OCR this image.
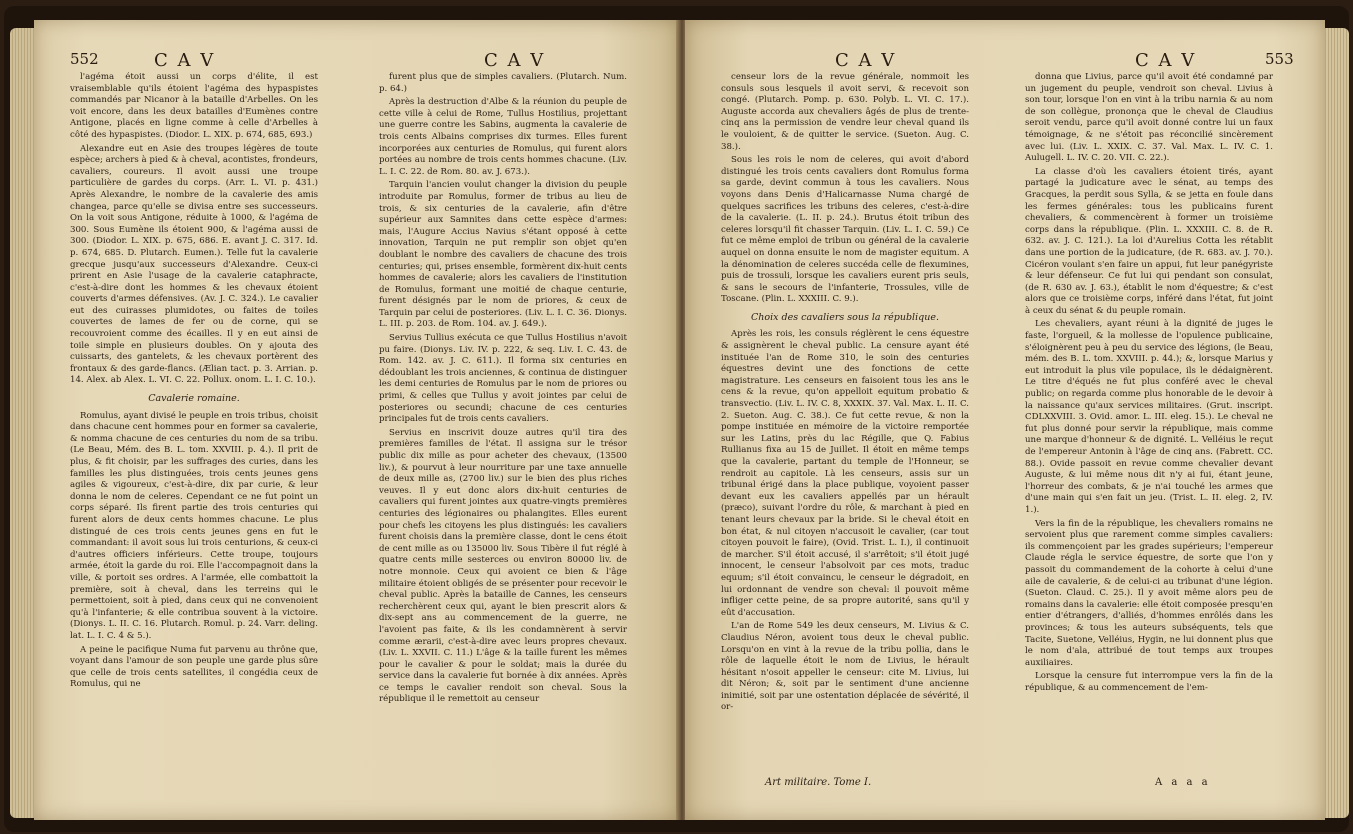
552	C A V	C A V

l'agéma étoit aussi un corps d'élite, il est vraisemblable qu'ils étoient l'agéma des hypaspistes commandés par Nicanor à la bataille d'Arbelles. On les voit encore, dans les deux batailles d'Eumènes contre Antigone, placés en ligne comme à celle d'Arbelles à côté des hypaspistes. (Diodor. L. XIX. p. 674, 685, 693.)

Alexandre eut en Asie des troupes légères de toute espèce; archers à pied & à cheval, acontistes, frondeurs, cavaliers, coureurs. Il avoit aussi une troupe particulière de gardes du corps. (Arr. L. VI. p. 431.) Après Alexandre, le nombre de la cavalerie des amis changea, parce qu'elle se divisa entre ses successeurs. On la voit sous Antigone, réduite à 1000, & l'agéma de 300. Sous Eumène ils étoient 900, & l'agéma aussi de 300. (Diodor. L. XIX. p. 675, 686. E. avant J. C. 317. Id. p. 674, 685. D. Plutarch. Eumen.). Telle fut la cavalerie grecque jusqu'aux successeurs d'Alexandre. Ceux-ci prirent en Asie l'usage de la cavalerie cataphracte, c'est-à-dire dont les hommes & les chevaux étoient couverts d'armes défensives. (Av. J. C. 324.). Le cavalier eut des cuirasses plumidotes, ou faites de toiles couvertes de lames de fer ou de corne, qui se recouvroient comme des écailles. Il y en eut ainsi de toile simple en plusieurs doubles. On y ajouta des cuissarts, des gantelets, & les chevaux portèrent des frontaux & des garde-flancs. (Ælian tact. p. 3. Arrian. p. 14. Alex. ab Alex. L. VI. C. 22. Pollux. onom. L. I. C. 10.).

Cavalerie romaine.

Romulus, ayant divisé le peuple en trois tribus, choisit dans chacune cent hommes pour en former sa cavalerie, & nomma chacune de ces centuries du nom de sa tribu. (Le Beau, Mém. des B. L. tom. XXVIII. p. 4.). Il prit de plus, & fit choisir, par les suffrages des curies, dans les familles les plus distinguées, trois cents jeunes gens agiles & vigoureux, c'est-à-dire, dix par curie, & leur donna le nom de celeres. Cependant ce ne fut point un corps séparé. Ils firent partie des trois centuries qui furent alors de deux cents hommes chacune. Le plus distingué de ces trois cents jeunes gens en fut le commandant: il avoit sous lui trois centurions, & ceux-ci d'autres officiers inférieurs. Cette troupe, toujours armée, étoit la garde du roi. Elle l'accompagnoit dans la ville, & portoit ses ordres. A l'armée, elle combattoit la première, soit à cheval, dans les terreins qui le permettoient, soit à pied, dans ceux qui ne convenoient qu'à l'infanterie; & elle contribua souvent à la victoire. (Dionys. L. II. C. 16. Plutarch. Romul. p. 24. Varr. deling. lat. L. I. C. 4 & 5.).

A peine le pacifique Numa fut parvenu au thrône que, voyant dans l'amour de son peuple une garde plus sûre que celle de trois cents satellites, il congédia ceux de Romulus, qui ne

furent plus que de simples cavaliers. (Plutarch. Num. p. 64.)

Après la destruction d'Albe & la réunion du peuple de cette ville à celui de Rome, Tullus Hostilius, projettant une guerre contre les Sabins, augmenta la cavalerie de trois cents Albains comprises dix turmes. Elles furent incorporées aux centuries de Romulus, qui furent alors portées au nombre de trois cents hommes chacune. (Liv. L. I. C. 22. de Rom. 80. av. J. 673.).

Tarquin l'ancien voulut changer la division du peuple introduite par Romulus, former de tribus au lieu de trois, & six centuries de la cavalerie, afin d'être supérieur aux Samnites dans cette espèce d'armes: mais, l'Augure Accius Navius s'étant opposé à cette innovation, Tarquin ne put remplir son objet qu'en doublant le nombre des cavaliers de chacune des trois centuries; qui, prises ensemble, formèrent dix-huit cents hommes de cavalerie; alors les cavaliers de l'institution de Romulus, formant une moitié de chaque centurie, furent désignés par le nom de priores, & ceux de Tarquin par celui de posteriores. (Liv. L. I. C. 36. Dionys. L. III. p. 203. de Rom. 104. av. J. 649.).

Servius Tullius exécuta ce que Tullus Hostilius n'avoit pu faire. (Dionys. Liv. IV. p. 222, & seq. Liv. I. C. 43. de Rom. 142. av. J. C. 611.). Il forma six centuries en dédoublant les trois anciennes, & continua de distinguer les demi centuries de Romulus par le nom de priores ou primi, & celles que Tullus y avoit jointes par celui de posteriores ou secundi; chacune de ces centuries principales fut de trois cents cavaliers.

Servius en inscrivit douze autres qu'il tira des premières familles de l'état. Il assigna sur le trésor public dix mille as pour acheter des chevaux, (13500 liv.), & pourvut à leur nourriture par une taxe annuelle de deux mille as, (2700 liv.) sur le bien des plus riches veuves. Il y eut donc alors dix-huit centuries de cavaliers qui furent jointes aux quatre-vingts premières centuries des légionaires ou phalangites. Elles eurent pour chefs les citoyens les plus distingués: les cavaliers furent choisis dans la première classe, dont le cens étoit de cent mille as ou 135000 liv. Sous Tibère il fut réglé à quatre cents mille sesterces ou environ 80000 liv. de notre monnoie. Ceux qui avoient ce bien & l'âge militaire étoient obligés de se présenter pour recevoir le cheval public. Après la bataille de Cannes, les censeurs recherchèrent ceux qui, ayant le bien prescrit alors & dix-sept ans au commencement de la guerre, ne l'avoient pas faite, & ils les condamnèrent à servir comme ærarii, c'est-à-dire avec leurs propres chevaux. (Liv. L. XXVII. C. 11.) L'âge & la taille furent les mêmes pour le cavalier & pour le soldat; mais la durée du service dans la cavalerie fut bornée à dix années. Après ce temps le cavalier rendoit son cheval. Sous la république il le remettoit au censeur

C A V	C A V	553

censeur lors de la revue générale, nommoit les consuls sous lesquels il avoit servi, & recevoit son congé. (Plutarch. Pomp. p. 630. Polyb. L. VI. C. 17.). Auguste accorda aux chevaliers âgés de plus de trente-cinq ans la permission de vendre leur cheval quand ils le vouloient, & de quitter le service. (Sueton. Aug. C. 38.).

Sous les rois le nom de celeres, qui avoit d'abord distingué les trois cents cavaliers dont Romulus forma sa garde, devint commun à tous les cavaliers. Nous voyons dans Denis d'Halicarnasse Numa chargé de quelques sacrifices les tribuns des celeres, c'est-à-dire de la cavalerie. (L. II. p. 24.). Brutus étoit tribun des celeres lorsqu'il fit chasser Tarquin. (Liv. L. I. C. 59.) Ce fut ce même emploi de tribun ou général de la cavalerie auquel on donna ensuite le nom de magister equitum. A la dénomination de celeres succéda celle de flexumines, puis de trossuli, lorsque les cavaliers eurent pris seuls, & sans le secours de l'infanterie, Trossules, ville de Toscane. (Plin. L. XXXIII. C. 9.).

Choix des cavaliers sous la république.

Après les rois, les consuls réglèrent le cens équestre & assignèrent le cheval public. La censure ayant été instituée l'an de Rome 310, le soin des centuries équestres devint une des fonctions de cette magistrature. Les censeurs en faisoient tous les ans le cens & la revue, qu'on appelloit equitum probatio & transvectio. (Liv. L. IV. C. 8, XXXIX. 37. Val. Max. L. II. C. 2. Sueton. Aug. C. 38.). Ce fut cette revue, & non la pompe instituée en mémoire de la victoire remportée sur les Latins, près du lac Régille, que Q. Fabius Rullianus fixa au 15 de Juillet. Il étoit en même temps que la cavalerie, partant du temple de l'Honneur, se rendroit au capitole. Là les censeurs, assis sur un tribunal érigé dans la place publique, voyoient passer devant eux les cavaliers appellés par un hérault (præco), suivant l'ordre du rôle, & marchant à pied en tenant leurs chevaux par la bride. Si le cheval étoit en bon état, & nul citoyen n'accusoit le cavalier, (car tout citoyen pouvoit le faire), (Ovid. Trist. L. I.), il continuoit de marcher. S'il étoit accusé, il s'arrêtoit; s'il étoit jugé innocent, le censeur l'absolvoit par ces mots, traduc equum; s'il étoit convaincu, le censeur le dégradoit, en lui ordonnant de vendre son cheval: il pouvoit même infliger cette peine, de sa propre autorité, sans qu'il y eût d'accusation.

L'an de Rome 549 les deux censeurs, M. Livius & C. Claudius Néron, avoient tous deux le cheval public. Lorsqu'on en vint à la revue de la tribu pollia, dans le rôle de laquelle étoit le nom de Livius, le hérault hésitant n'osoit appeller le censeur: cite M. Livius, lui dit Néron; &, soit par le sentiment d'une ancienne inimitié, soit par une ostentation déplacée de sévérité, il or-

donna que Livius, parce qu'il avoit été condamné par un jugement du peuple, vendroit son cheval. Livius à son tour, lorsque l'on en vint à la tribu narnia & au nom de son collègue, prononça que le cheval de Claudius seroit vendu, parce qu'il avoit donné contre lui un faux témoignage, & ne s'étoit pas réconcilié sincèrement avec lui. (Liv. L. XXIX. C. 37. Val. Max. L. IV. C. 1. Aulugell. L. IV. C. 20. VII. C. 22.).

La classe d'où les cavaliers étoient tirés, ayant partagé la judicature avec le sénat, au temps des Gracques, la perdit sous Sylla, & se jetta en foule dans les fermes générales: tous les publicains furent chevaliers, & commencèrent à former un troisième corps dans la république. (Plin. L. XXXIII. C. 8. de R. 632. av. J. C. 121.). La loi d'Aurelius Cotta les rétablit dans une portion de la judicature, (de R. 683. av. J. 70.). Cicéron voulant s'en faire un appui, fut leur panégyriste & leur défenseur. Ce fut lui qui pendant son consulat, (de R. 630 av. J. 63.), établit le nom d'équestre; & c'est alors que ce troisième corps, inféré dans l'état, fut joint à ceux du sénat & du peuple romain.

Les chevaliers, ayant réuni à la dignité de juges le faste, l'orgueil, & la mollesse de l'opulence publicaine, s'éloignèrent peu à peu du service des légions, (le Beau, mém. des B. L. tom. XXVIII. p. 44.); &, lorsque Marius y eut introduit la plus vile populace, ils le dédaignèrent. Le titre d'équés ne fut plus conféré avec le cheval public; on regarda comme plus honorable de le devoir à la naissance qu'aux services militaires. (Grut. inscript. CDLXXVIII. 3. Ovid. amor. L. III. eleg. 15.). Le cheval ne fut plus donné pour servir la république, mais comme une marque d'honneur & de dignité. L. Velléius le reçut de l'empereur Antonin à l'âge de cinq ans. (Fabrett. CC. 88.). Ovide passoit en revue comme chevalier devant Auguste, & lui même nous dit n'y ai fui, étant jeune, l'horreur des combats, & je n'ai touché les armes que d'une main qui s'en fait un jeu. (Trist. L. II. eleg. 2, IV. 1.).

Vers la fin de la république, les chevaliers romains ne servoient plus que rarement comme simples cavaliers: ils commençoient par les grades supérieurs; l'empereur Claude régla le service équestre, de sorte que l'on y passoit du commandement de la cohorte à celui d'une aile de cavalerie, & de celui-ci au tribunat d'une légion. (Sueton. Claud. C. 25.). Il y avoit même alors peu de romains dans la cavalerie: elle étoit composée presqu'en entier d'étrangers, d'alliés, d'hommes enrôlés dans les provinces; & tous les auteurs subséquents, tels que Tacite, Suetone, Velléius, Hygin, ne lui donnent plus que le nom d'ala, attribué de tout temps aux troupes auxiliaires.

Lorsque la censure fut interrompue vers la fin de la république, & au commencement de l'em-

Art militaire. Tome I.	A a a a
